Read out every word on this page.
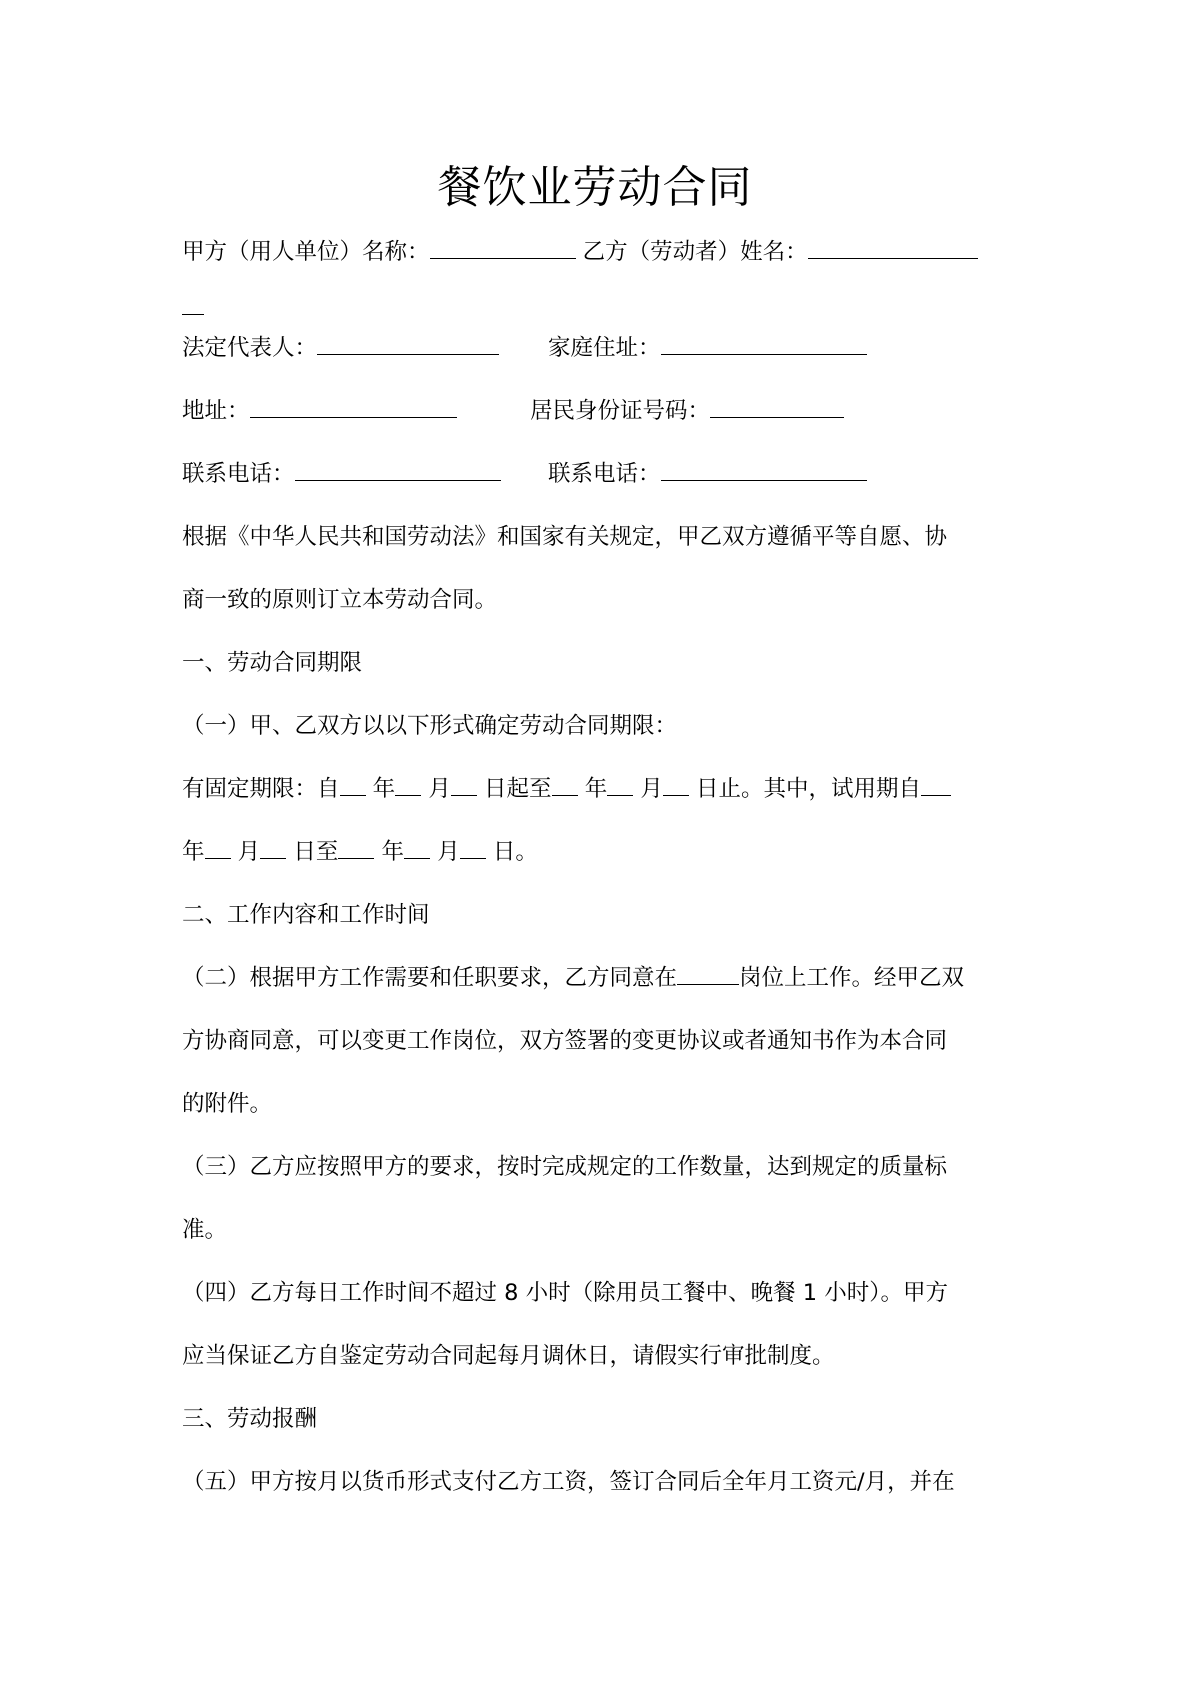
餐饮业劳动合同
甲方（用人单位）名称：	乙方（劳动者）姓名：
法定代表人：	家庭住址：
地址：	居民身份证号码：
联系电话：	联系电话：
根据《中华人民共和国劳动法》和国家有关规定，甲乙双方遵循平等自愿、协
商一致的原则订立本劳动合同。
一、劳动合同期限
（一）甲、乙双方以以下形式确定劳动合同期限：
有固定期限：自 年 月 日起至 年 月 日止。其中，试用期自
年 月 日至 年 月 日。
二、工作内容和工作时间
（二）根据甲方工作需要和任职要求，乙方同意在	岗位上工作。经甲乙双
方协商同意，可以变更工作岗位，双方签署的变更协议或者通知书作为本合同
的附件。
（三）乙方应按照甲方的要求，按时完成规定的工作数量，达到规定的质量标
准。
（四）乙方每日工作时间不超过 8 小时（除用员工餐中、晚餐 1 小时）。甲方
应当保证乙方自鉴定劳动合同起每月调休日，请假实行审批制度。
三、劳动报酬
（五）甲方按月以货币形式支付乙方工资，签订合同后全年月工资元/月，并在
